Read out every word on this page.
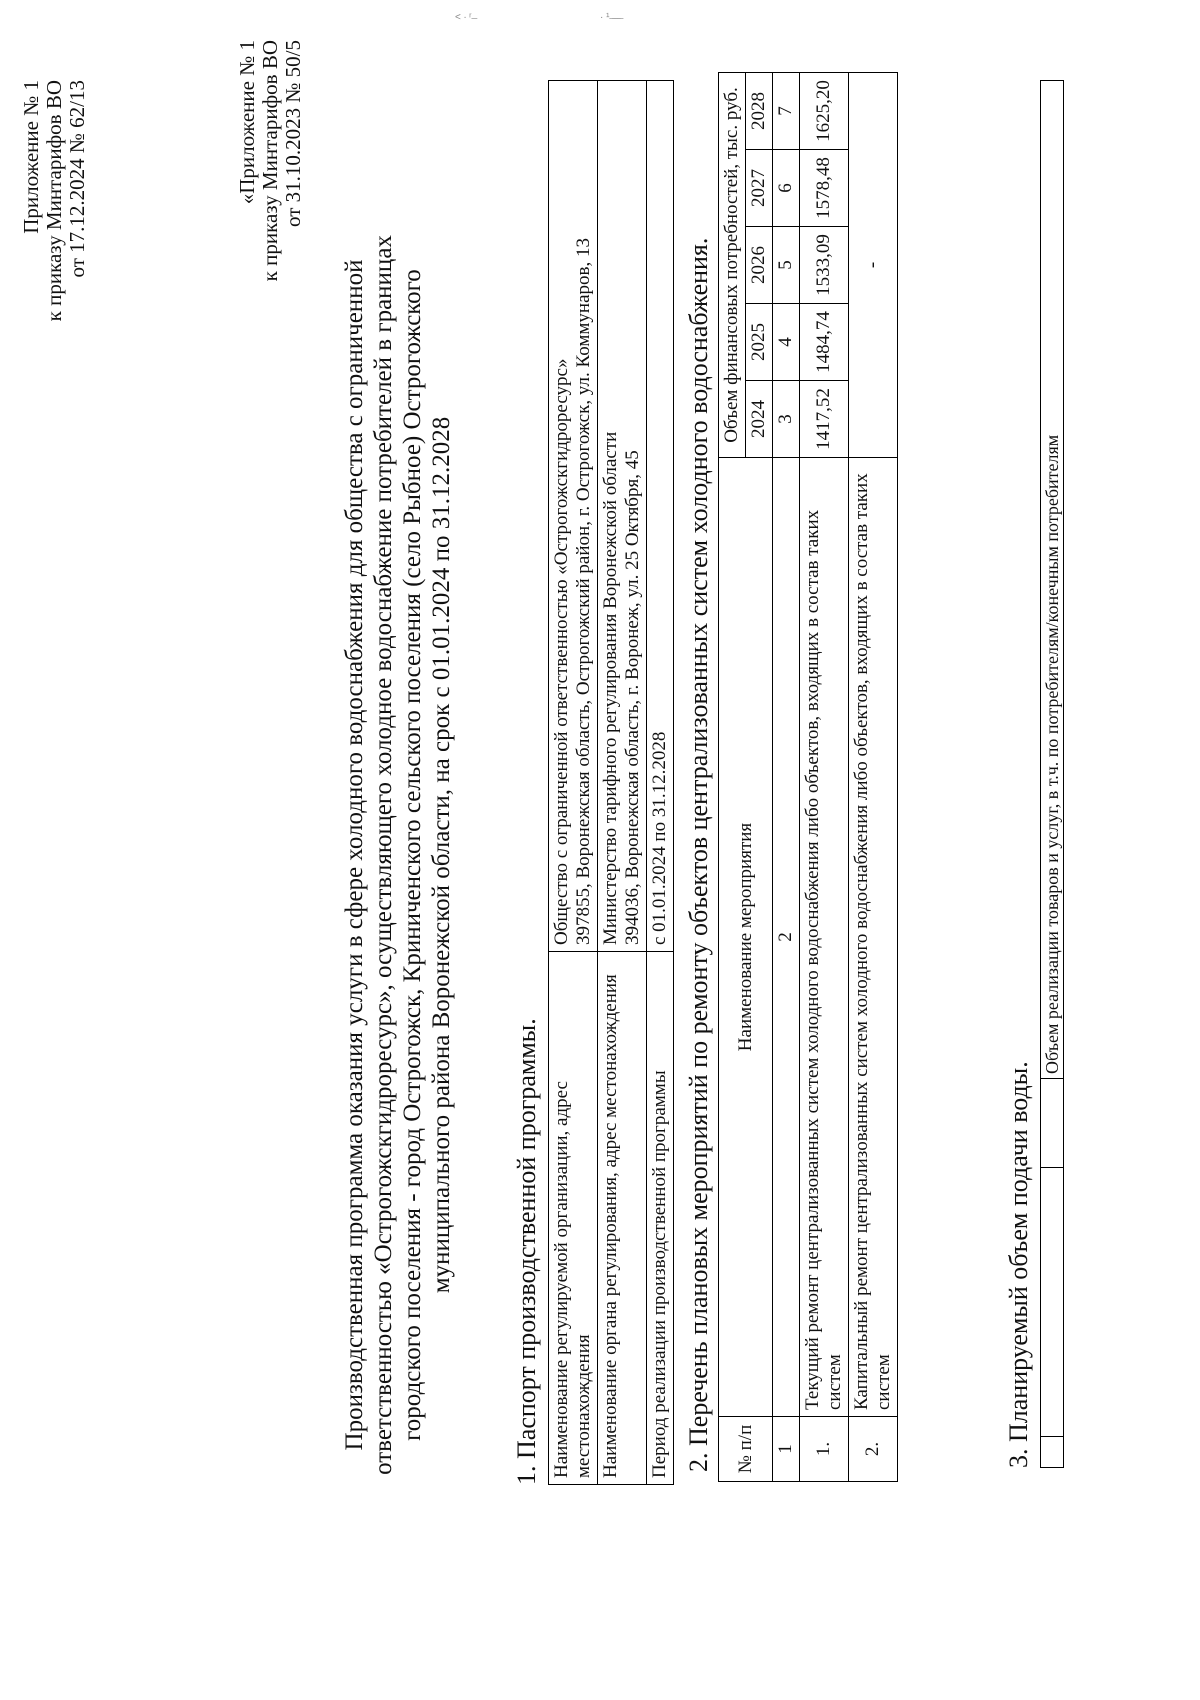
˂ ∙ ʳ ̶	· ¹ ̶ ̶ ̶ ̶
Приложение № 1 к приказу Минтарифов ВО от 17.12.2024 № 62/13	«Приложение № 1 к приказу Минтарифов ВО от 31.10.2023 № 50/5
Производственная программа оказания услуги в сфере холодного водоснабжения для общества с ограниченной ответственностью «Острогожскгидроресурс», осуществляющего холодное водоснабжение потребителей в границах городского поселения - город Острогожск, Криниченского сельского поселения (село Рыбное) Острогожского муниципального района Воронежской области, на срок с 01.01.2024 по 31.12.2028 1. Паспорт производственной программы. Наименование регулируемой организации, адрес местонахождения	Общество с ограниченной ответственностью «Острогожскгидроресурс» 397855, Воронежская область, Острогожский район, г. Острогожск, ул. Коммунаров, 13

Наименование органа регулирования, адрес местонахождения	Министерство тарифного регулирования Воронежской области 394036, Воронежская область, г. Воронеж, ул. 25 Октября, 45

Период реализации производственной программы	с 01.01.2024 по 31.12.2028 2. Перечень плановых мероприятий по ремонту объектов централизованных систем холодного водоснабжения. № п/п	Наименование мероприятия	Объем финансовых потребностей, тыс. руб.				
		2024	2025	2026	2027	2028
1	2	3	4	5	6	7
1.	Текущий ремонт централизованных систем холодного водоснабжения либо объектов, входящих в состав таких систем	1417,52	1484,74	1533,09	1578,48	1625,20
2.	Капитальный ремонт централизованных систем холодного водоснабжения либо объектов, входящих в состав таких систем	-				
3. Планируемый объем подачи воды.
			Объем реализации товаров и услуг, в т.ч. по потребителям/конечным потребителям
